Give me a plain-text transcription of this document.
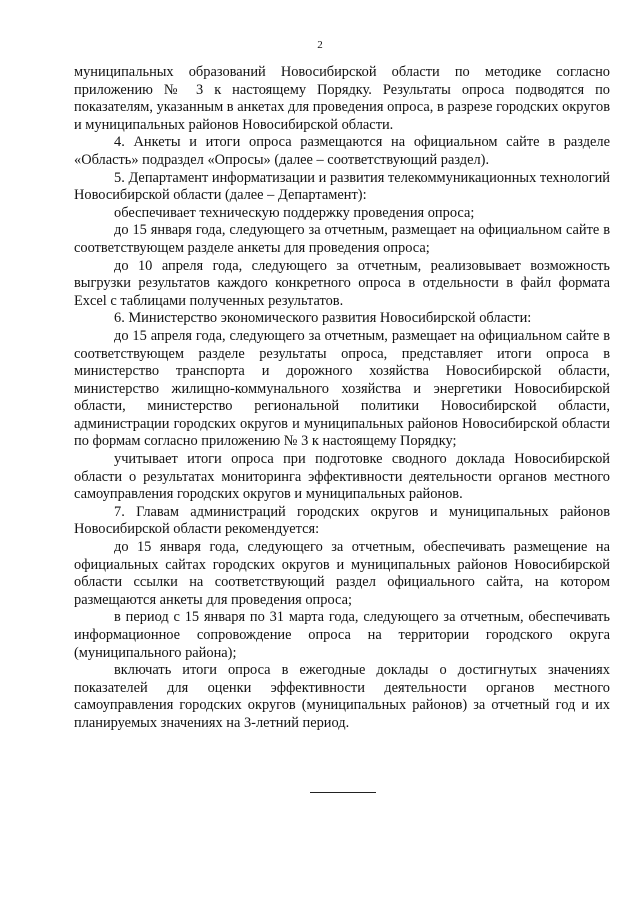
2

муниципальных образований Новосибирской области по методике согласно приложению № 3 к настоящему Порядку. Результаты опроса подводятся по показателям, указанным в анкетах для проведения опроса, в разрезе городских округов и муниципальных районов Новосибирской области.

4. Анкеты и итоги опроса размещаются на официальном сайте в разделе «Область» подраздел «Опросы» (далее – соответствующий раздел).

5. Департамент информатизации и развития телекоммуникационных технологий Новосибирской области (далее – Департамент):

обеспечивает техническую поддержку проведения опроса;

до 15 января года, следующего за отчетным, размещает на официальном сайте в соответствующем разделе анкеты для проведения опроса;

до 10 апреля года, следующего за отчетным, реализовывает возможность выгрузки результатов каждого конкретного опроса в отдельности в файл формата Excel с таблицами полученных результатов.

6. Министерство экономического развития Новосибирской области:

до 15 апреля года, следующего за отчетным, размещает на официальном сайте в соответствующем разделе результаты опроса, представляет итоги опроса в министерство транспорта и дорожного хозяйства Новосибирской области, министерство жилищно-коммунального хозяйства и энергетики Новосибирской области, министерство региональной политики Новосибирской области, администрации городских округов и муниципальных районов Новосибирской области по формам согласно приложению № 3 к настоящему Порядку;

учитывает итоги опроса при подготовке сводного доклада Новосибирской области о результатах мониторинга эффективности деятельности органов местного самоуправления городских округов и муниципальных районов.

7. Главам администраций городских округов и муниципальных районов Новосибирской области рекомендуется:

до 15 января года, следующего за отчетным, обеспечивать размещение на официальных сайтах городских округов и муниципальных районов Новосибирской области ссылки на соответствующий раздел официального сайта, на котором размещаются анкеты для проведения опроса;

в период с 15 января по 31 марта года, следующего за отчетным, обеспечивать информационное сопровождение опроса на территории городского округа (муниципального района);

включать итоги опроса в ежегодные доклады о достигнутых значениях показателей для оценки эффективности деятельности органов местного самоуправления городских округов (муниципальных районов) за отчетный год и их планируемых значениях на 3-летний период.
